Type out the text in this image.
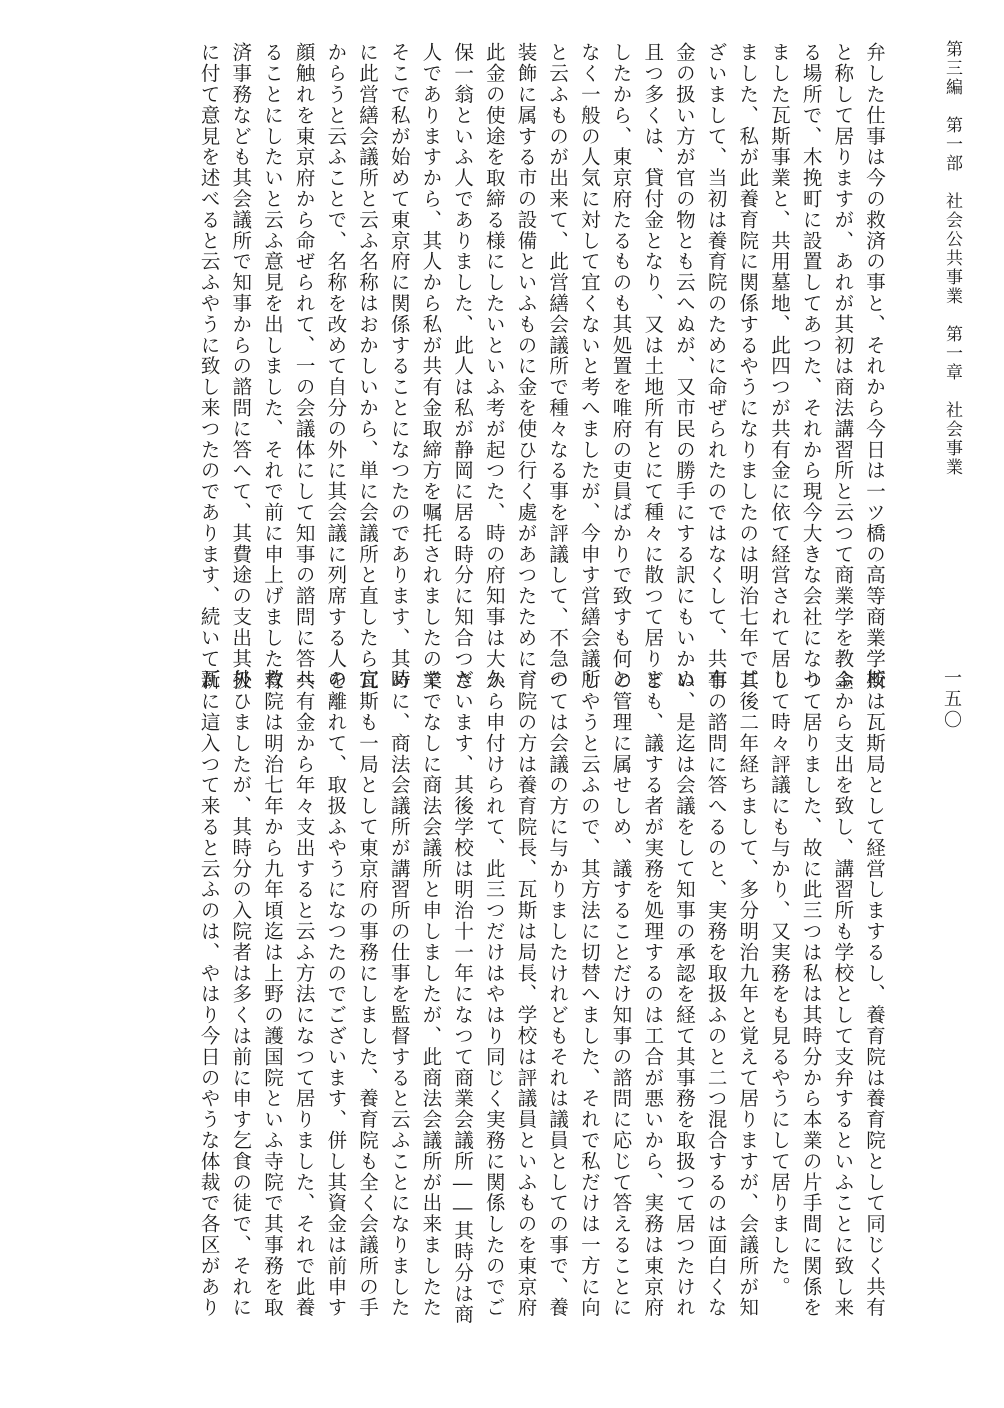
第三編　第一部　社会公共事業　第一章　社会事業
一五〇
弁した仕事は今の救済の事と、それから今日は一ツ橋の高等商業学校
と称して居りますが、あれが其初は商法講習所と云つて商業学を教ふ
る場所で、木挽町に設置してあつた、それから現今大きな会社になり
ました瓦斯事業と、共用墓地、此四つが共有金に依て経営されて居り
ました、私が此養育院に関係するやうになりましたのは明治七年でご
ざいまして、当初は養育院のために命ぜられたのではなくして、共有
金の扱い方が官の物とも云へぬが、又市民の勝手にする訳にもいかぬ
且つ多くは、貸付金となり、又は土地所有とにて種々に散つて居りま
したから、東京府たるものも其処置を唯府の吏員ばかりで致すも何と
なく一般の人気に対して宜くないと考へましたが、今申す営繕会議所
と云ふものが出来て、此営繕会議所で種々なる事を評議して、不急の
装飾に属する市の設備といふものに金を使ひ行く處があつたために、
此金の使途を取締る様にしたいといふ考が起つた、時の府知事は大久
保一翁といふ人でありました、此人は私が静岡に居る時分に知合つた
人でありますから、其人から私が共有金取締方を嘱托されましたので
そこで私が始めて東京府に関係することになつたのであります、其時
に此営繕会議所と云ふ名称はおかしいから、単に会議所と直したら宜
からうと云ふことで、名称を改めて自分の外に其会議に列席する人の
顔触れを東京府から命ぜられて、一の会議体にして知事の諮問に答へ
ることにしたいと云ふ意見を出しました、それで前に申上げました救
済事務なども其会議所で知事からの諮問に答へて、其費途の支出其外
に付て意見を述べると云ふやうに致し来つたのであります、続いて瓦
斯は瓦斯局として経営しまするし、養育院は養育院として同じく共有
金から支出を致し、講習所も学校として支弁するといふことに致し来
つて居りました、故に此三つは私は其時分から本業の片手間に関係を
して時々評議にも与かり、又実務をも見るやうにして居りました。
其後二年経ちまして、多分明治九年と覚えて居りますが、会議所が知
事の諮問に答へるのと、実務を取扱ふのと二つ混合するのは面白くな
い、是迄は会議をして知事の承認を経て其事務を取扱つて居つたけれ
ども、議する者が実務を処理するのは工合が悪いから、実務は東京府
の管理に属せしめ、議することだけ知事の諮問に応じて答えることに
しやうと云ふので、其方法に切替へました、それで私だけは一方に向
つては会議の方に与かりましたけれどもそれは議員としての事で、養
育院の方は養育院長、瓦斯は局長、学校は評議員といふものを東京府
から申付けられて、此三つだけはやはり同じく実務に関係したのでご
ざいます、其後学校は明治十一年になつて商業会議所――其時分は商
業でなしに商法会議所と申しましたが、此商法会議所が出来ましたた
めに、商法会議所が講習所の仕事を監督すると云ふことになりました
瓦斯も一局として東京府の事務にしました、養育院も全く会議所の手
を離れて、取扱ふやうになつたのでございます、併し其資金は前申す
共有金から年々支出すると云ふ方法になつて居りました、それで此養
育院は明治七年から九年頃迄は上野の護国院といふ寺院で其事務を取
扱ひましたが、其時分の入院者は多くは前に申す乞食の徒で、それに
新に這入つて来ると云ふのは、やはり今日のやうな体裁で各区があり
